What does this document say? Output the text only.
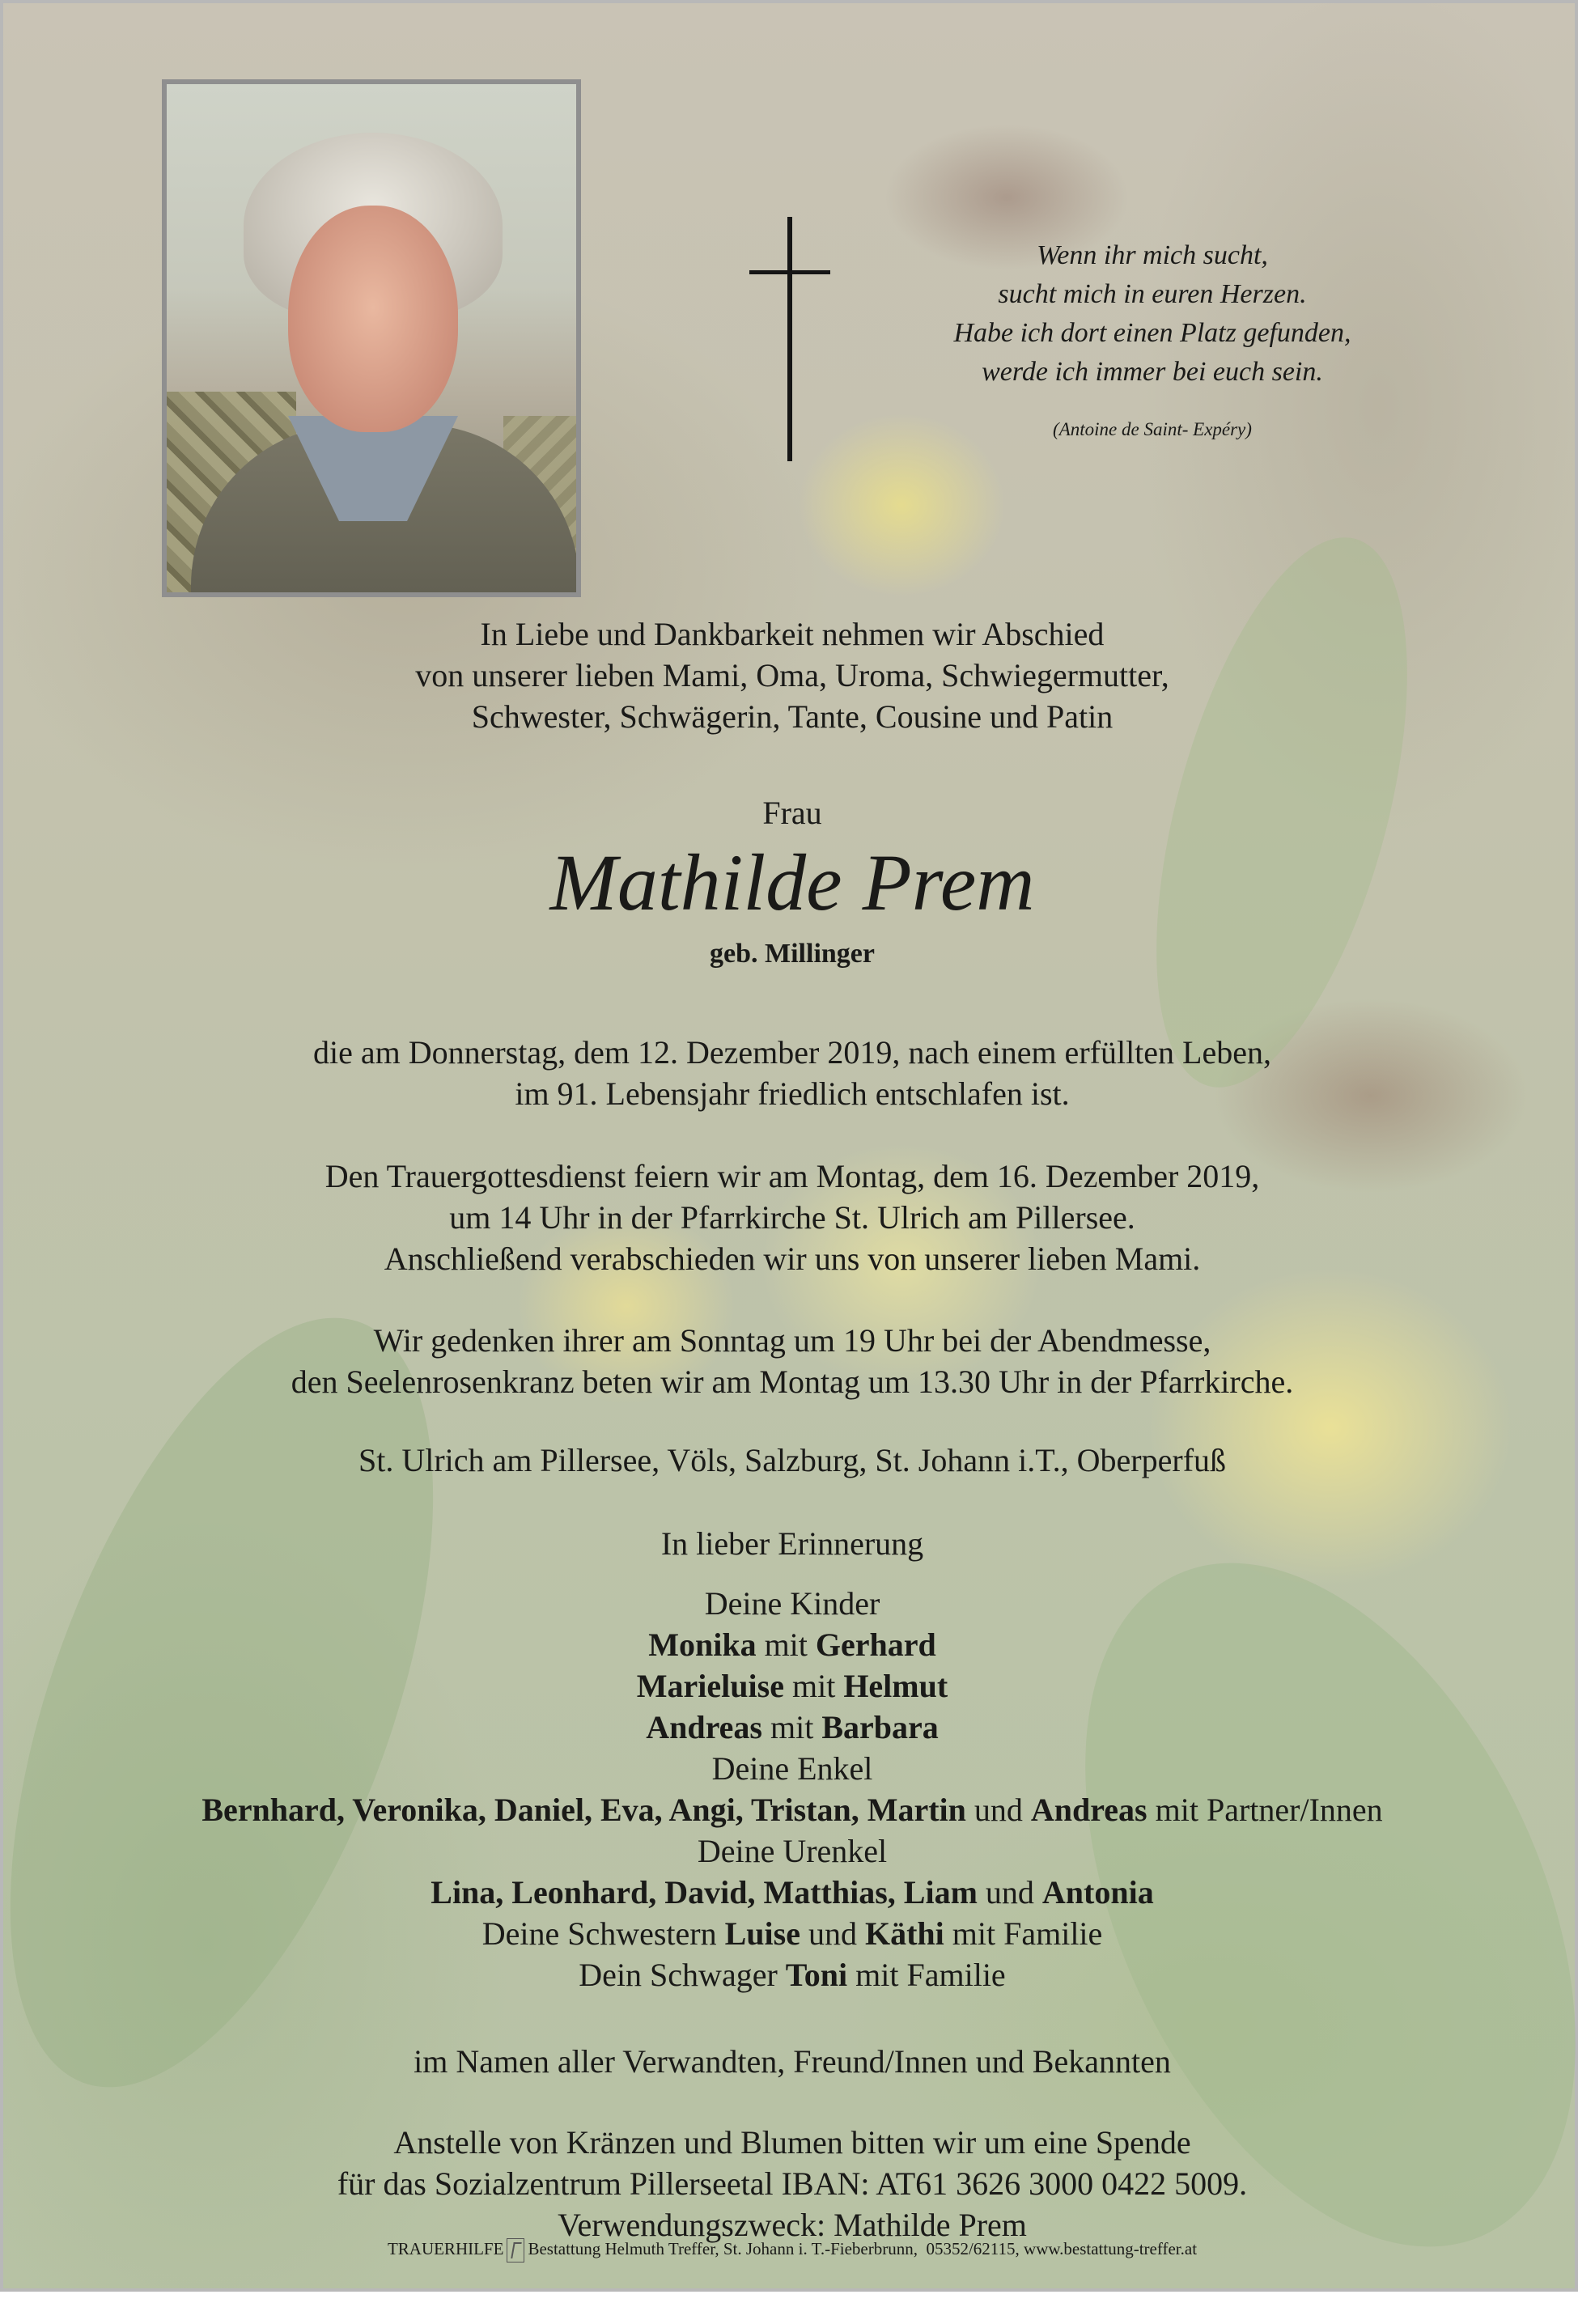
Wenn ihr mich sucht,
sucht mich in euren Herzen.
Habe ich dort einen Platz gefunden,
werde ich immer bei euch sein.
(Antoine de Saint- Expéry)
In Liebe und Dankbarkeit nehmen wir Abschied
von unserer lieben Mami, Oma, Uroma, Schwiegermutter,
Schwester, Schwägerin, Tante, Cousine und Patin
Frau
Mathilde Prem
geb. Millinger
die am Donnerstag, dem 12. Dezember 2019, nach einem erfüllten Leben,
im 91. Lebensjahr friedlich entschlafen ist.
Den Trauergottesdienst feiern wir am Montag, dem 16. Dezember 2019,
um 14 Uhr in der Pfarrkirche St. Ulrich am Pillersee.
Anschließend verabschieden wir uns von unserer lieben Mami.
Wir gedenken ihrer am Sonntag um 19 Uhr bei der Abendmesse,
den Seelenrosenkranz beten wir am Montag um 13.30 Uhr in der Pfarrkirche.
St. Ulrich am Pillersee, Völs, Salzburg, St. Johann i.T., Oberperfuß
In lieber Erinnerung
Deine Kinder
Monika mit Gerhard
Marieluise mit Helmut
Andreas mit Barbara
Deine Enkel
Bernhard, Veronika, Daniel, Eva, Angi, Tristan, Martin und Andreas mit Partner/Innen
Deine Urenkel
Lina, Leonhard, David, Matthias, Liam und Antonia
Deine Schwestern Luise und Käthi mit Familie
Dein Schwager Toni mit Familie
im Namen aller Verwandten, Freund/Innen und Bekannten
Anstelle von Kränzen und Blumen bitten wir um eine Spende
für das Sozialzentrum Pillerseetal IBAN: AT61 3626 3000 0422 5009.
Verwendungszweck: Mathilde Prem
TRAUERHILFE Bestattung Helmuth Treffer, St. Johann i. T.-Fieberbrunn,  05352/62115, www.bestattung-treffer.at
